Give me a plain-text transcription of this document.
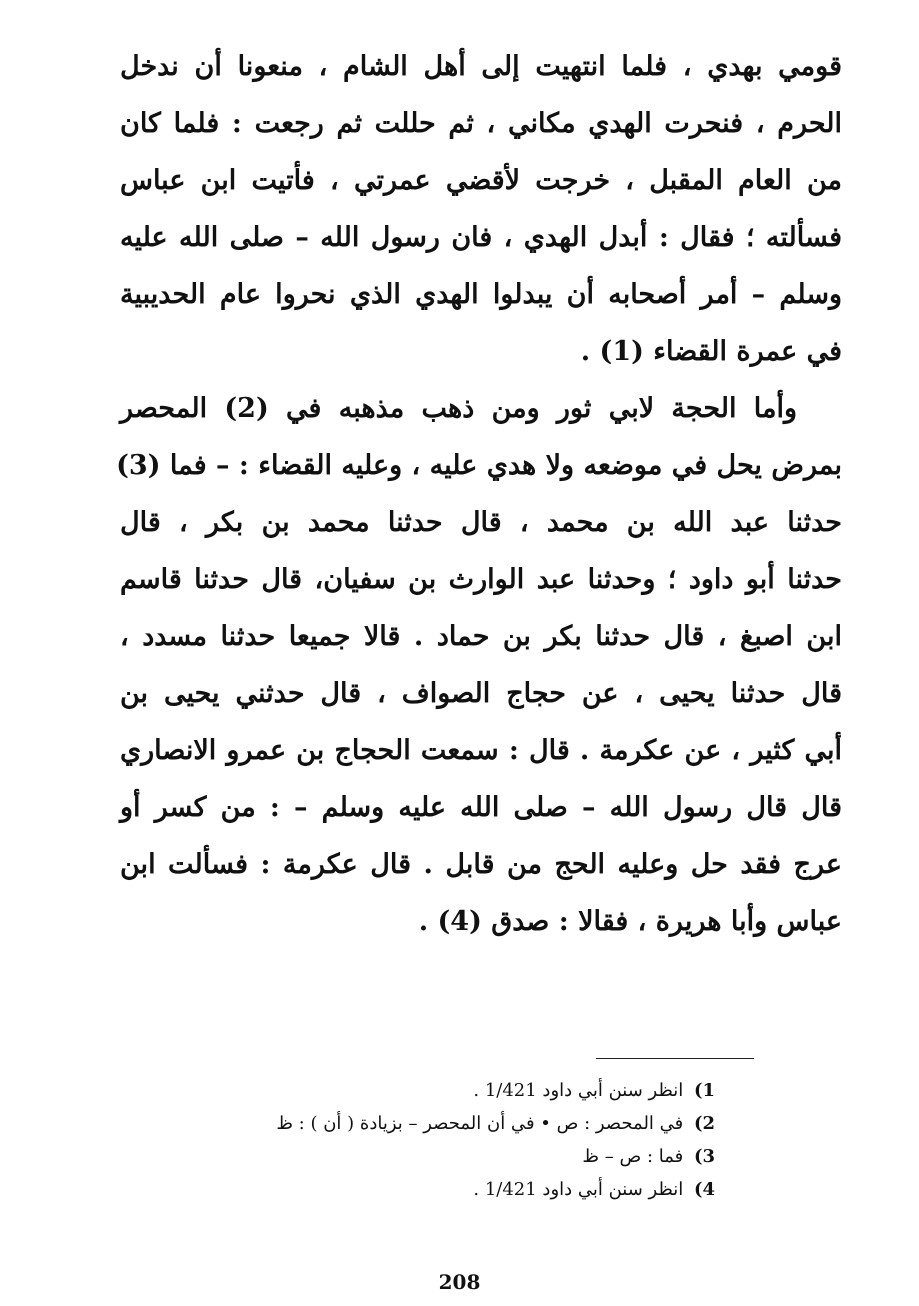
قومي بهدي ، فلما انتهيت إلى أهل الشام ، منعونا أن ندخل
الحرم ، فنحرت الهدي مكاني ، ثم حللت ثم رجعت : فلما كان
من العام المقبل ، خرجت لأقضي عمرتي ، فأتيت ابن عباس
فسألته ؛ فقال : أبدل الهدي ، فان رسول الله – صلى الله عليه
وسلم – أمر أصحابه أن يبدلوا الهدي الذي نحروا عام الحديبية
في عمرة القضاء (1) .
وأما الحجة لابي ثور ومن ذهب مذهبه في (2) المحصر
بمرض يحل في موضعه ولا هدي عليه ، وعليه القضاء : – فما (3)
حدثنا عبد الله بن محمد ، قال حدثنا محمد بن بكر ، قال
حدثنا أبو داود ؛ وحدثنا عبد الوارث بن سفيان، قال حدثنا قاسم
ابن اصبغ ، قال حدثنا بكر بن حماد . قالا جميعا حدثنا مسدد ،
قال حدثنا يحيى ، عن حجاج الصواف ، قال حدثني يحيى بن
أبي كثير ، عن عكرمة . قال : سمعت الحجاج بن عمرو الانصاري
قال قال رسول الله – صلى الله عليه وسلم – : من كسر أو
عرج فقد حل وعليه الحج من قابل . قال عكرمة : فسألت ابن
عباس وأبا هريرة ، فقالا : صدق (4) .
1) انظر سنن أبي داود 1/421 .
2) في المحصر : ص • في أن المحصر – بزيادة ( أن ) : ظ
3) فما : ص – ظ
4) انظر سنن أبي داود 1/421 .
208
